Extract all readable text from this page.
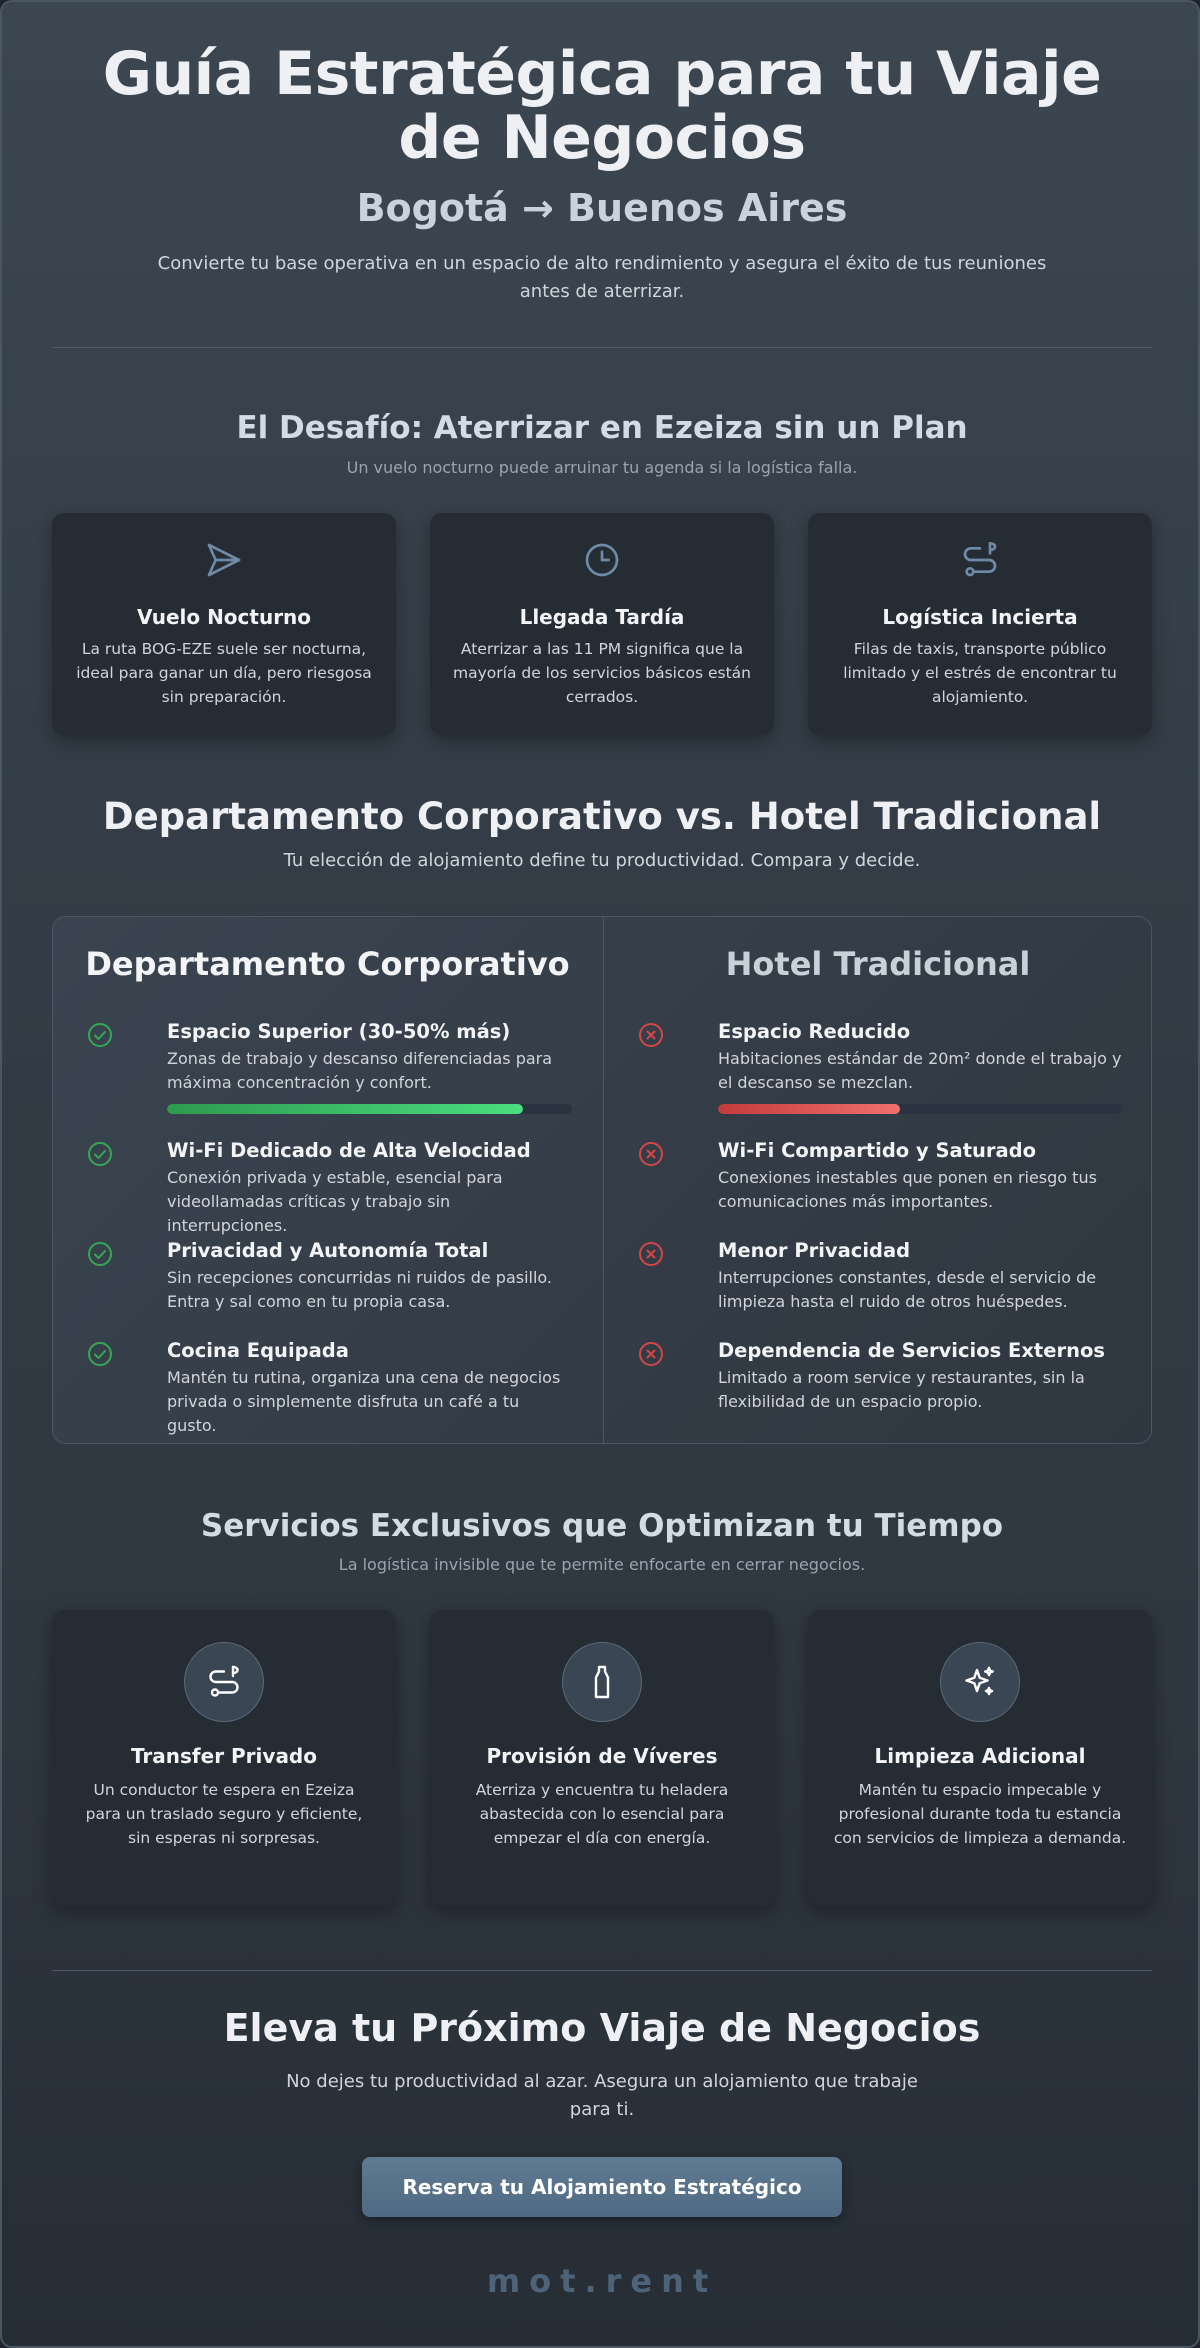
Guía Estratégica para tu Viaje de Negocios
Bogotá → Buenos Aires

Convierte tu base operativa en un espacio de alto rendimiento y asegura el éxito de tus reuniones antes de aterrizar.

El Desafío: Aterrizar en Ezeiza sin un Plan
Un vuelo nocturno puede arruinar tu agenda si la logística falla.
Vuelo Nocturno

La ruta BOG-EZE suele ser nocturna, ideal para ganar un día, pero riesgosa sin preparación.

Llegada Tardía

Aterrizar a las 11 PM significa que la mayoría de los servicios básicos están cerrados.

Logística Incierta

Filas de taxis, transporte público limitado y el estrés de encontrar tu alojamiento.

Departamento Corporativo vs. Hotel Tradicional
Tu elección de alojamiento define tu productividad. Compara y decide.
Departamento Corporativo
Espacio Superior (30-50% más)
Zonas de trabajo y descanso diferenciadas para máxima concentración y confort.
Wi-Fi Dedicado de Alta Velocidad
Conexión privada y estable, esencial para videollamadas críticas y trabajo sin interrupciones.
Privacidad y Autonomía Total
Sin recepciones concurridas ni ruidos de pasillo. Entra y sal como en tu propia casa.
Cocina Equipada
Mantén tu rutina, organiza una cena de negocios privada o simplemente disfruta un café a tu gusto.
Hotel Tradicional
Espacio Reducido
Habitaciones estándar de 20m² donde el trabajo y el descanso se mezclan.
Wi-Fi Compartido y Saturado
Conexiones inestables que ponen en riesgo tus comunicaciones más importantes.
Menor Privacidad
Interrupciones constantes, desde el servicio de limpieza hasta el ruido de otros huéspedes.
Dependencia de Servicios Externos
Limitado a room service y restaurantes, sin la flexibilidad de un espacio propio.
Servicios Exclusivos que Optimizan tu Tiempo
La logística invisible que te permite enfocarte en cerrar negocios.
Transfer Privado

Un conductor te espera en Ezeiza para un traslado seguro y eficiente, sin esperas ni sorpresas.

Provisión de Víveres

Aterriza y encuentra tu heladera abastecida con lo esencial para empezar el día con energía.

Limpieza Adicional

Mantén tu espacio impecable y profesional durante toda tu estancia con servicios de limpieza a demanda.

Eleva tu Próximo Viaje de Negocios
No dejes tu productividad al azar. Asegura un alojamiento que trabaje para ti.
Reserva tu Alojamiento Estratégico
mot.rent
